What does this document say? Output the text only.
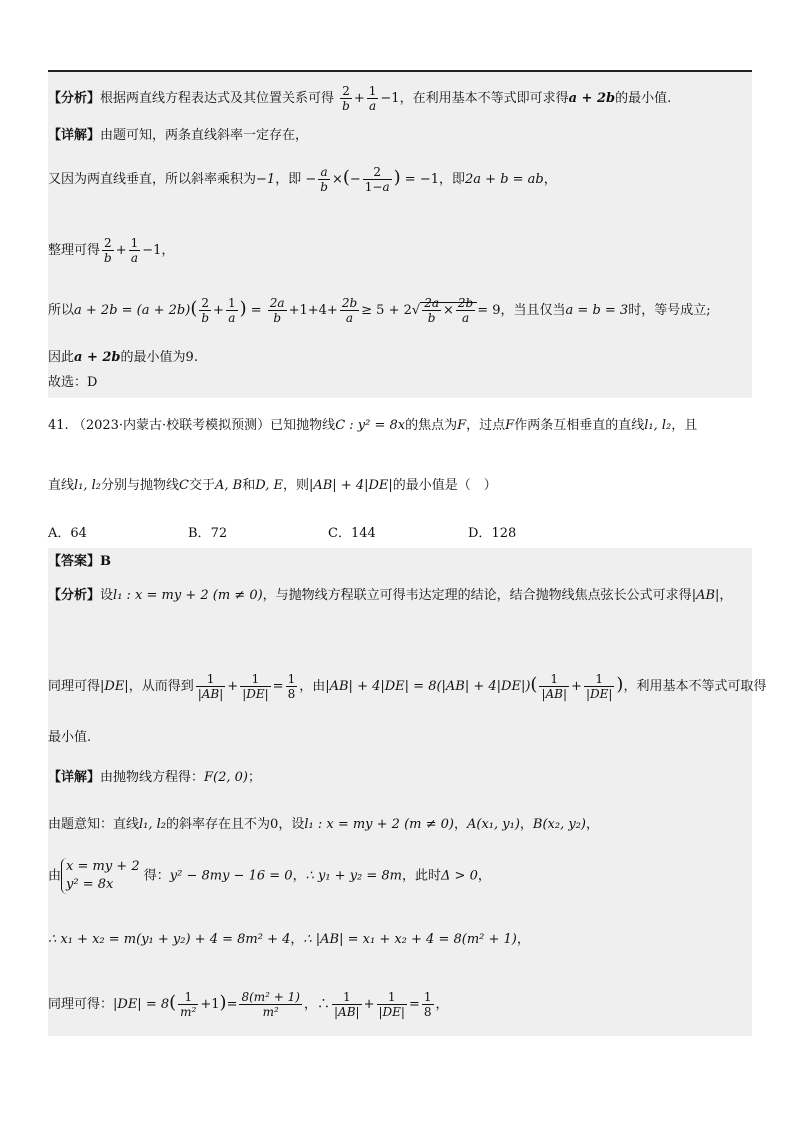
【分析】根据两直线方程表达式及其位置关系可得 $\frac{2}{b} + \frac{1}{a} -1$，在利用基本不等式即可求得a + 2b的最小值.
【详解】由题可知，两条直线斜率一定存在，
又因为两直线垂直，所以斜率乘积为−1，即 − $\frac{a}{b}$ ×(− $\frac{2}{1-a}$ ) = −1，即2a + b = ab，
整理可得 $\frac{2}{b} + \frac{1}{a} -1$，
所以$a + 2b = (a + 2b)( \frac{2}{b} + \frac{1}{a}$ ) = $\frac{2a}{b} +1+4+ \frac{2b}{a} \ge 5 + 2√ \frac{2a}{b} \times \frac{2b}{a} = 9$，当且仅当a = b = 3时，等号成立;
因此a + 2b的最小值为9.
故选：D
41. （2023·内蒙古·校联考模拟预测）已知抛物线C : y² = 8x的焦点为F，过点F作两条互相垂直的直线l₁, l₂，且
直线l₁, l₂分别与抛物线C交于A, B和D, E，则|AB| + 4|DE|的最小值是（　）
A．64	B．72	C．144	D．128
【答案】B
【分析】设l₁ : x = my + 2 (m ≠ 0)，与抛物线方程联立可得韦达定理的结论，结合抛物线焦点弦长公式可求得|AB|，
同理可得|DE|，从而得到 $\frac{1}{|AB|} + \frac{1}{|DE|} = \frac{1}{8}$ ，由$|AB| + 4|DE| = 8(|AB| + 4|DE|)( \frac{1}{|AB|} + \frac{1}{|DE|}$ )，利用基本不等式可取得
最小值.
【详解】由抛物线方程得：F(2, 0)；
由题意知：直线l₁, l₂的斜率存在且不为0，设l₁ : x = my + 2 (m ≠ 0)，A(x₁, y₁)，B(x₂, y₂)，
由
x = my + 2
y² = 8x
得：y² − 8my − 16 = 0，∴ y₁ + y₂ = 8m，此时Δ > 0，
∴ x₁ + x₂ = m(y₁ + y₂) + 4 = 8m² + 4，∴ |AB| = x₁ + x₂ + 4 = 8(m² + 1)，
同理可得：$|DE| = 8( \frac{1}{\text{m²}} +1)= \frac{\text{8(m² + 1)}}{\text{m²}}$ ，∴ $\frac{1}{|AB|} + \frac{1}{|DE|} = \frac{1}{8}$ ，
